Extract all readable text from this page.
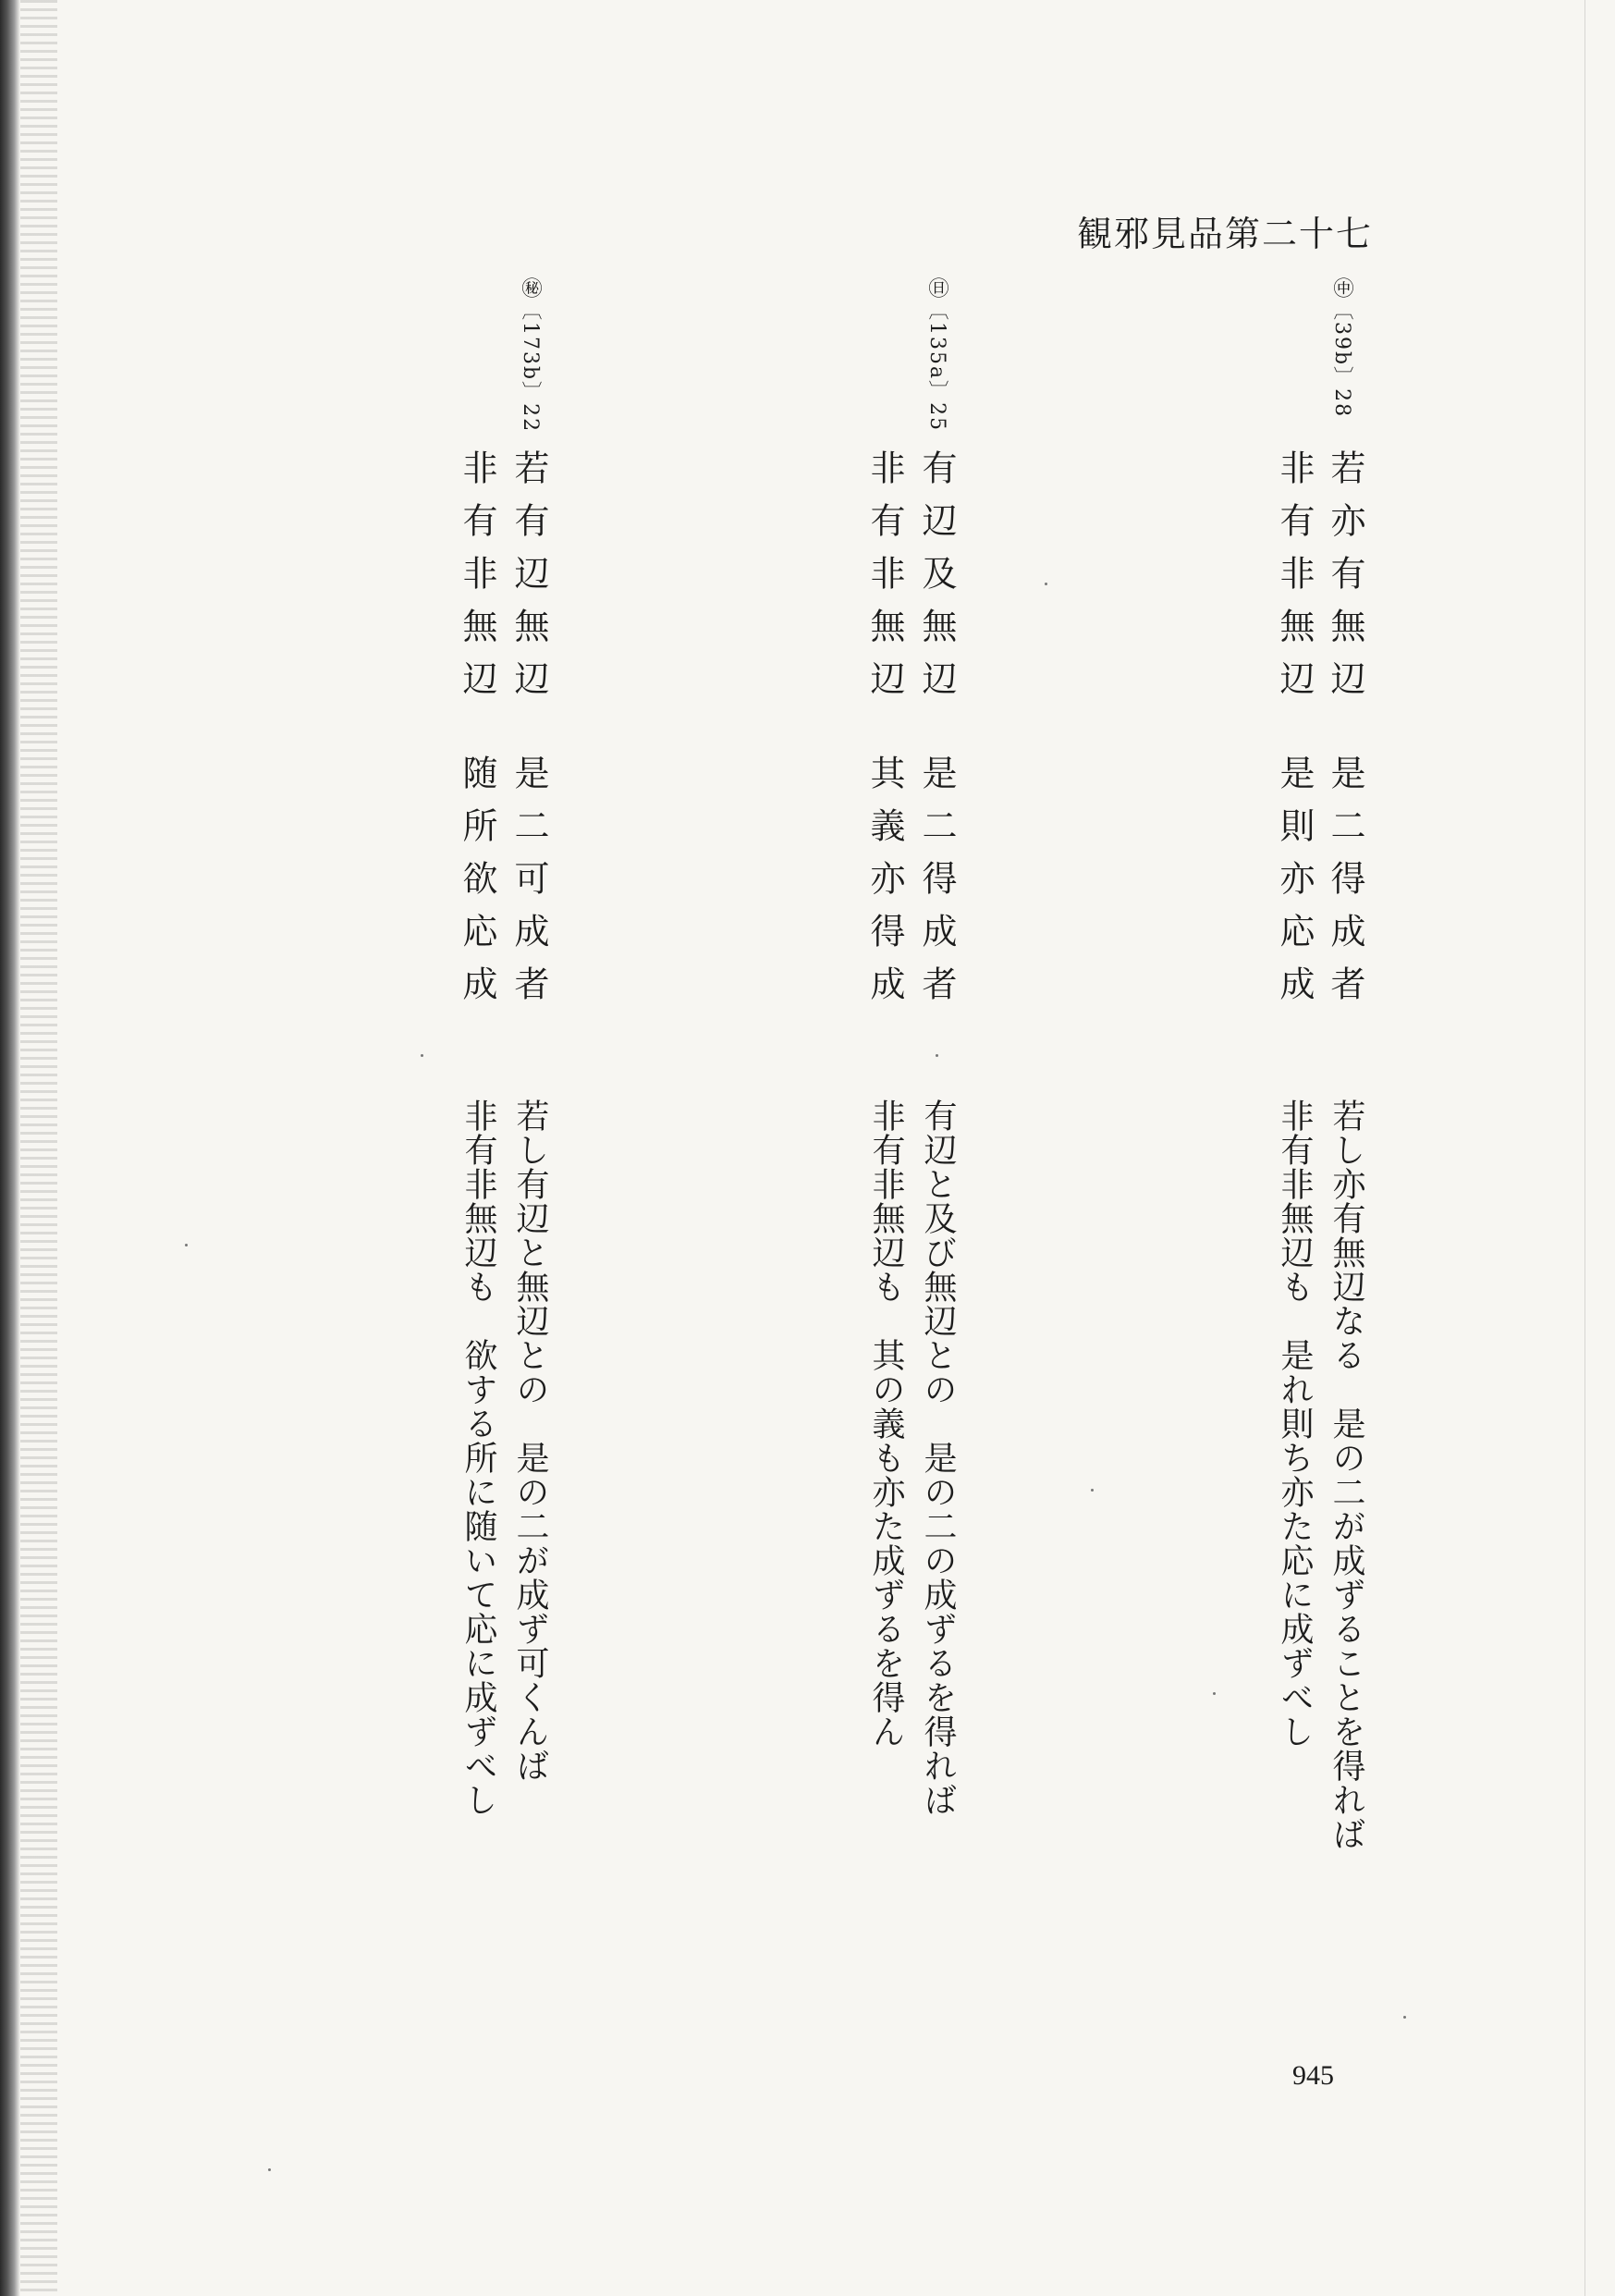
観邪見品第二十七
㊥〔39b〕28
若亦有無辺
是二得成者
非有非無辺
是則亦応成
若し亦有無辺なる　是の二が成ずることを得れば
非有非無辺も　是れ則ち亦た応に成ずべし
㊐〔135a〕25
有辺及無辺
是二得成者
非有非無辺
其義亦得成
有辺と及び無辺との　是の二の成ずるを得れば
非有非無辺も　其の義も亦た成ずるを得ん
㊙〔173b〕22
若有辺無辺
是二可成者
非有非無辺
随所欲応成
若し有辺と無辺との　是の二が成ず可くんば
非有非無辺も　欲する所に随いて応に成ずべし
945
